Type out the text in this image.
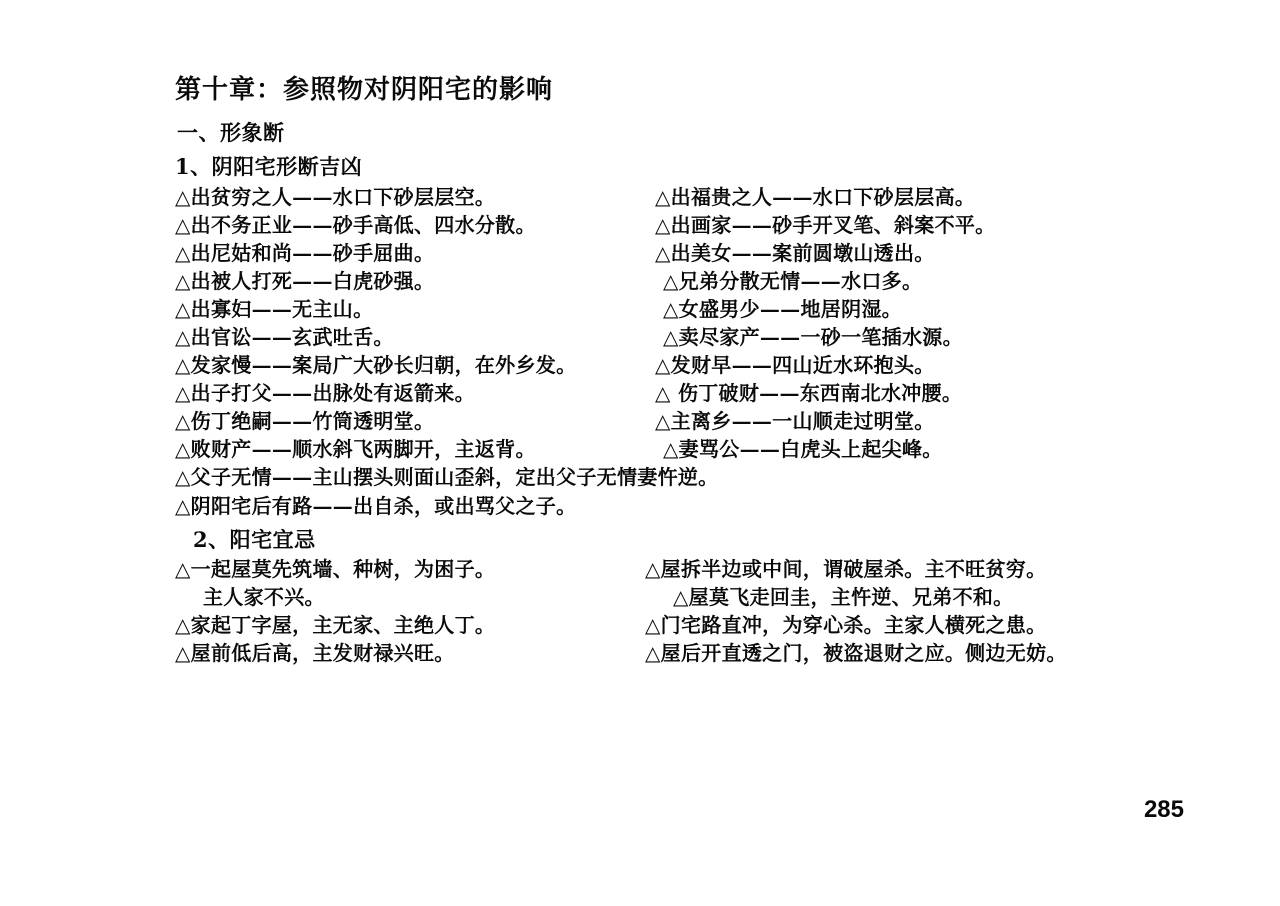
第十章：参照物对阴阳宅的影响
一、形象断
1、阴阳宅形断吉凶
△出贫穷之人——水口下砂层层空。	△出福贵之人——水口下砂层层高。
△出不务正业——砂手高低、四水分散。	△出画家——砂手开叉笔、斜案不平。
△出尼姑和尚——砂手屈曲。	△出美女——案前圆墩山透出。
△出被人打死——白虎砂强。	△兄弟分散无情——水口多。
△出寡妇——无主山。	△女盛男少——地居阴湿。
△出官讼——玄武吐舌。	△卖尽家产——一砂一笔插水源。
△发家慢——案局广大砂长归朝，在外乡发。	△发财早——四山近水环抱头。
△出子打父——出脉处有返箭来。	△ 伤丁破财——东西南北水冲腰。
△伤丁绝嗣——竹筒透明堂。	△主离乡——一山顺走过明堂。
△败财产——顺水斜飞两脚开，主返背。	△妻骂公——白虎头上起尖峰。
△父子无情——主山摆头则面山歪斜，定出父子无情妻忤逆。
△阴阳宅后有路——出自杀，或出骂父之子。
2、阳宅宜忌
△一起屋莫先筑墙、种树，为困子。	△屋拆半边或中间，谓破屋杀。主不旺贫穷。
主人家不兴。	△屋莫飞走回圭，主忤逆、兄弟不和。
△家起丁字屋，主无家、主绝人丁。	△门宅路直冲，为穿心杀。主家人横死之患。
△屋前低后高，主发财禄兴旺。	△屋后开直透之门，被盗退财之应。侧边无妨。
285
